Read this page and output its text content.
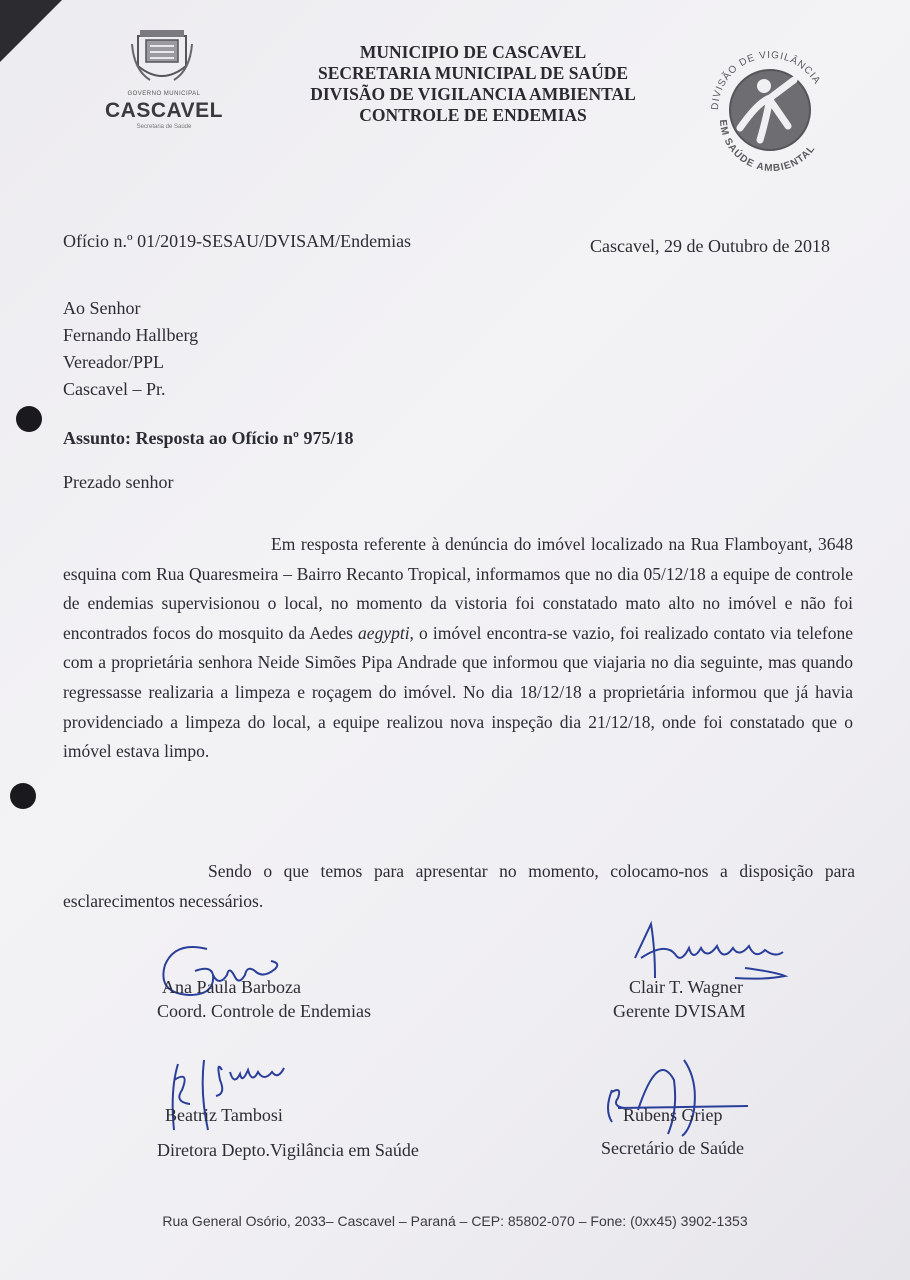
GOVERNO MUNICIPAL
CASCAVEL
Secretaria de Saúde
MUNICIPIO DE CASCAVEL
SECRETARIA MUNICIPAL DE SAÚDE
DIVISÃO DE VIGILANCIA AMBIENTAL
CONTROLE DE ENDEMIAS	DIVISÃO DE VIGILÂNCIA
EM SAÚDE AMBIENTAL
Ofício n.º 01/2019-SESAU/DVISAM/Endemias	Cascavel, 29 de Outubro de 2018
Ao Senhor
Fernando Hallberg
Vereador/PPL
Cascavel – Pr.
Assunto: Resposta ao Ofício nº 975/18
Prezado senhor
Em resposta referente à denúncia do imóvel localizado na Rua Flamboyant, 3648 esquina com Rua Quaresmeira – Bairro Recanto Tropical, informamos que no dia 05/12/18 a equipe de controle de endemias supervisionou o local, no momento da vistoria foi constatado mato alto no imóvel e não foi encontrados focos do mosquito da Aedes aegypti, o imóvel encontra-se vazio, foi realizado contato via telefone com a proprietária senhora Neide Simões Pipa Andrade que informou que viajaria no dia seguinte, mas quando regressasse realizaria a limpeza e roçagem do imóvel. No dia 18/12/18 a proprietária informou que já havia providenciado a limpeza do local, a equipe realizou nova inspeção dia 21/12/18, onde foi constatado que o imóvel estava limpo.
Sendo o que temos para apresentar no momento, colocamo-nos a disposição para esclarecimentos necessários.
Ana Paula Barboza
Coord. Controle de Endemias
Clair T. Wagner
Gerente DVISAM
Beatriz Tambosi
Diretora Depto.Vigilância em Saúde
Rubens Griep
Secretário de Saúde
Rua General Osório, 2033– Cascavel – Paraná – CEP: 85802-070 – Fone: (0xx45) 3902-1353
